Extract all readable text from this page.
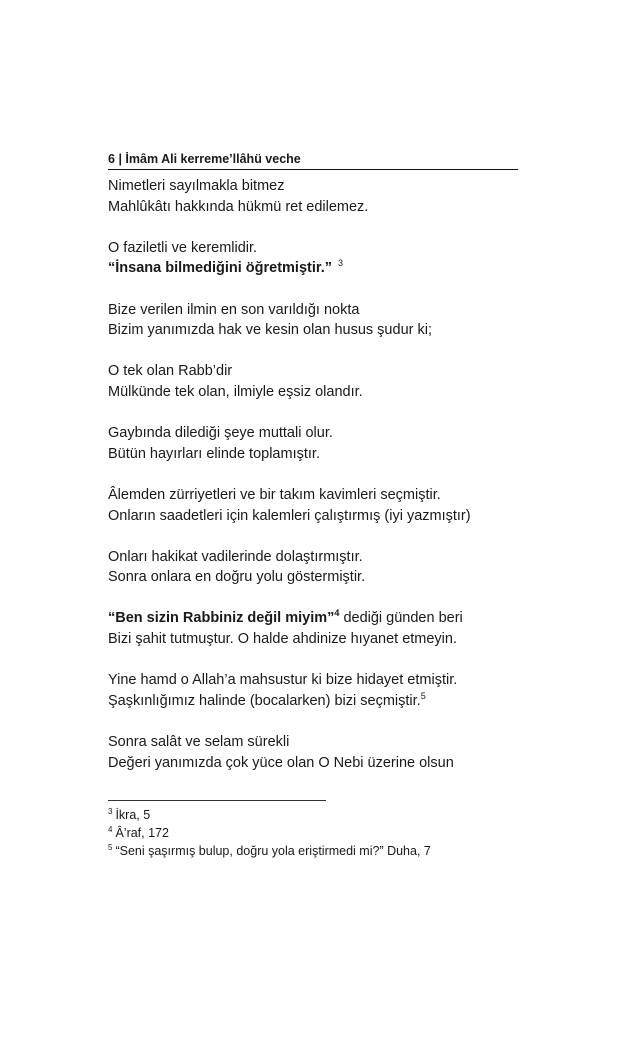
6 | İmâm Ali kerreme’llâhü veche
Nimetleri sayılmakla bitmez
Mahlûkâtı hakkında hükmü ret edilemez.
O faziletli ve keremlidir.
“İnsana bilmediğini öğretmiştir.” $^3$
Bize verilen ilmin en son varıldığı nokta
Bizim yanımızda hak ve kesin olan husus şudur ki;
O tek olan Rabb’dir
Mülkünde tek olan, ilmiyle eşsiz olandır.
Gaybında dilediği şeye muttali olur.
Bütün hayırları elinde toplamıştır.
Âlemden zürriyetleri ve bir takım kavimleri seçmiştir.
Onların saadetleri için kalemleri çalıştırmış (iyi yazmıştır)
Onları hakikat vadilerinde dolaştırmıştır.
Sonra onlara en doğru yolu göstermiştir.
“Ben sizin Rabbiniz değil miyim”$^4$ dediği günden beri
Bizi şahit tutmuştur. O halde ahdinize hıyanet etmeyin.
Yine hamd o Allah’a mahsustur ki bize hidayet etmiştir.
Şaşkınlığımız halinde (bocalarken) bizi seçmiştir.$^5$
Sonra salât ve selam sürekli
Değeri yanımızda çok yüce olan O Nebi üzerine olsun
$^3$ İkra, 5
$^4$ Â’raf, 172
$^5$ “Seni şaşırmış bulup, doğru yola eriştirmedi mi?” Duha, 7
